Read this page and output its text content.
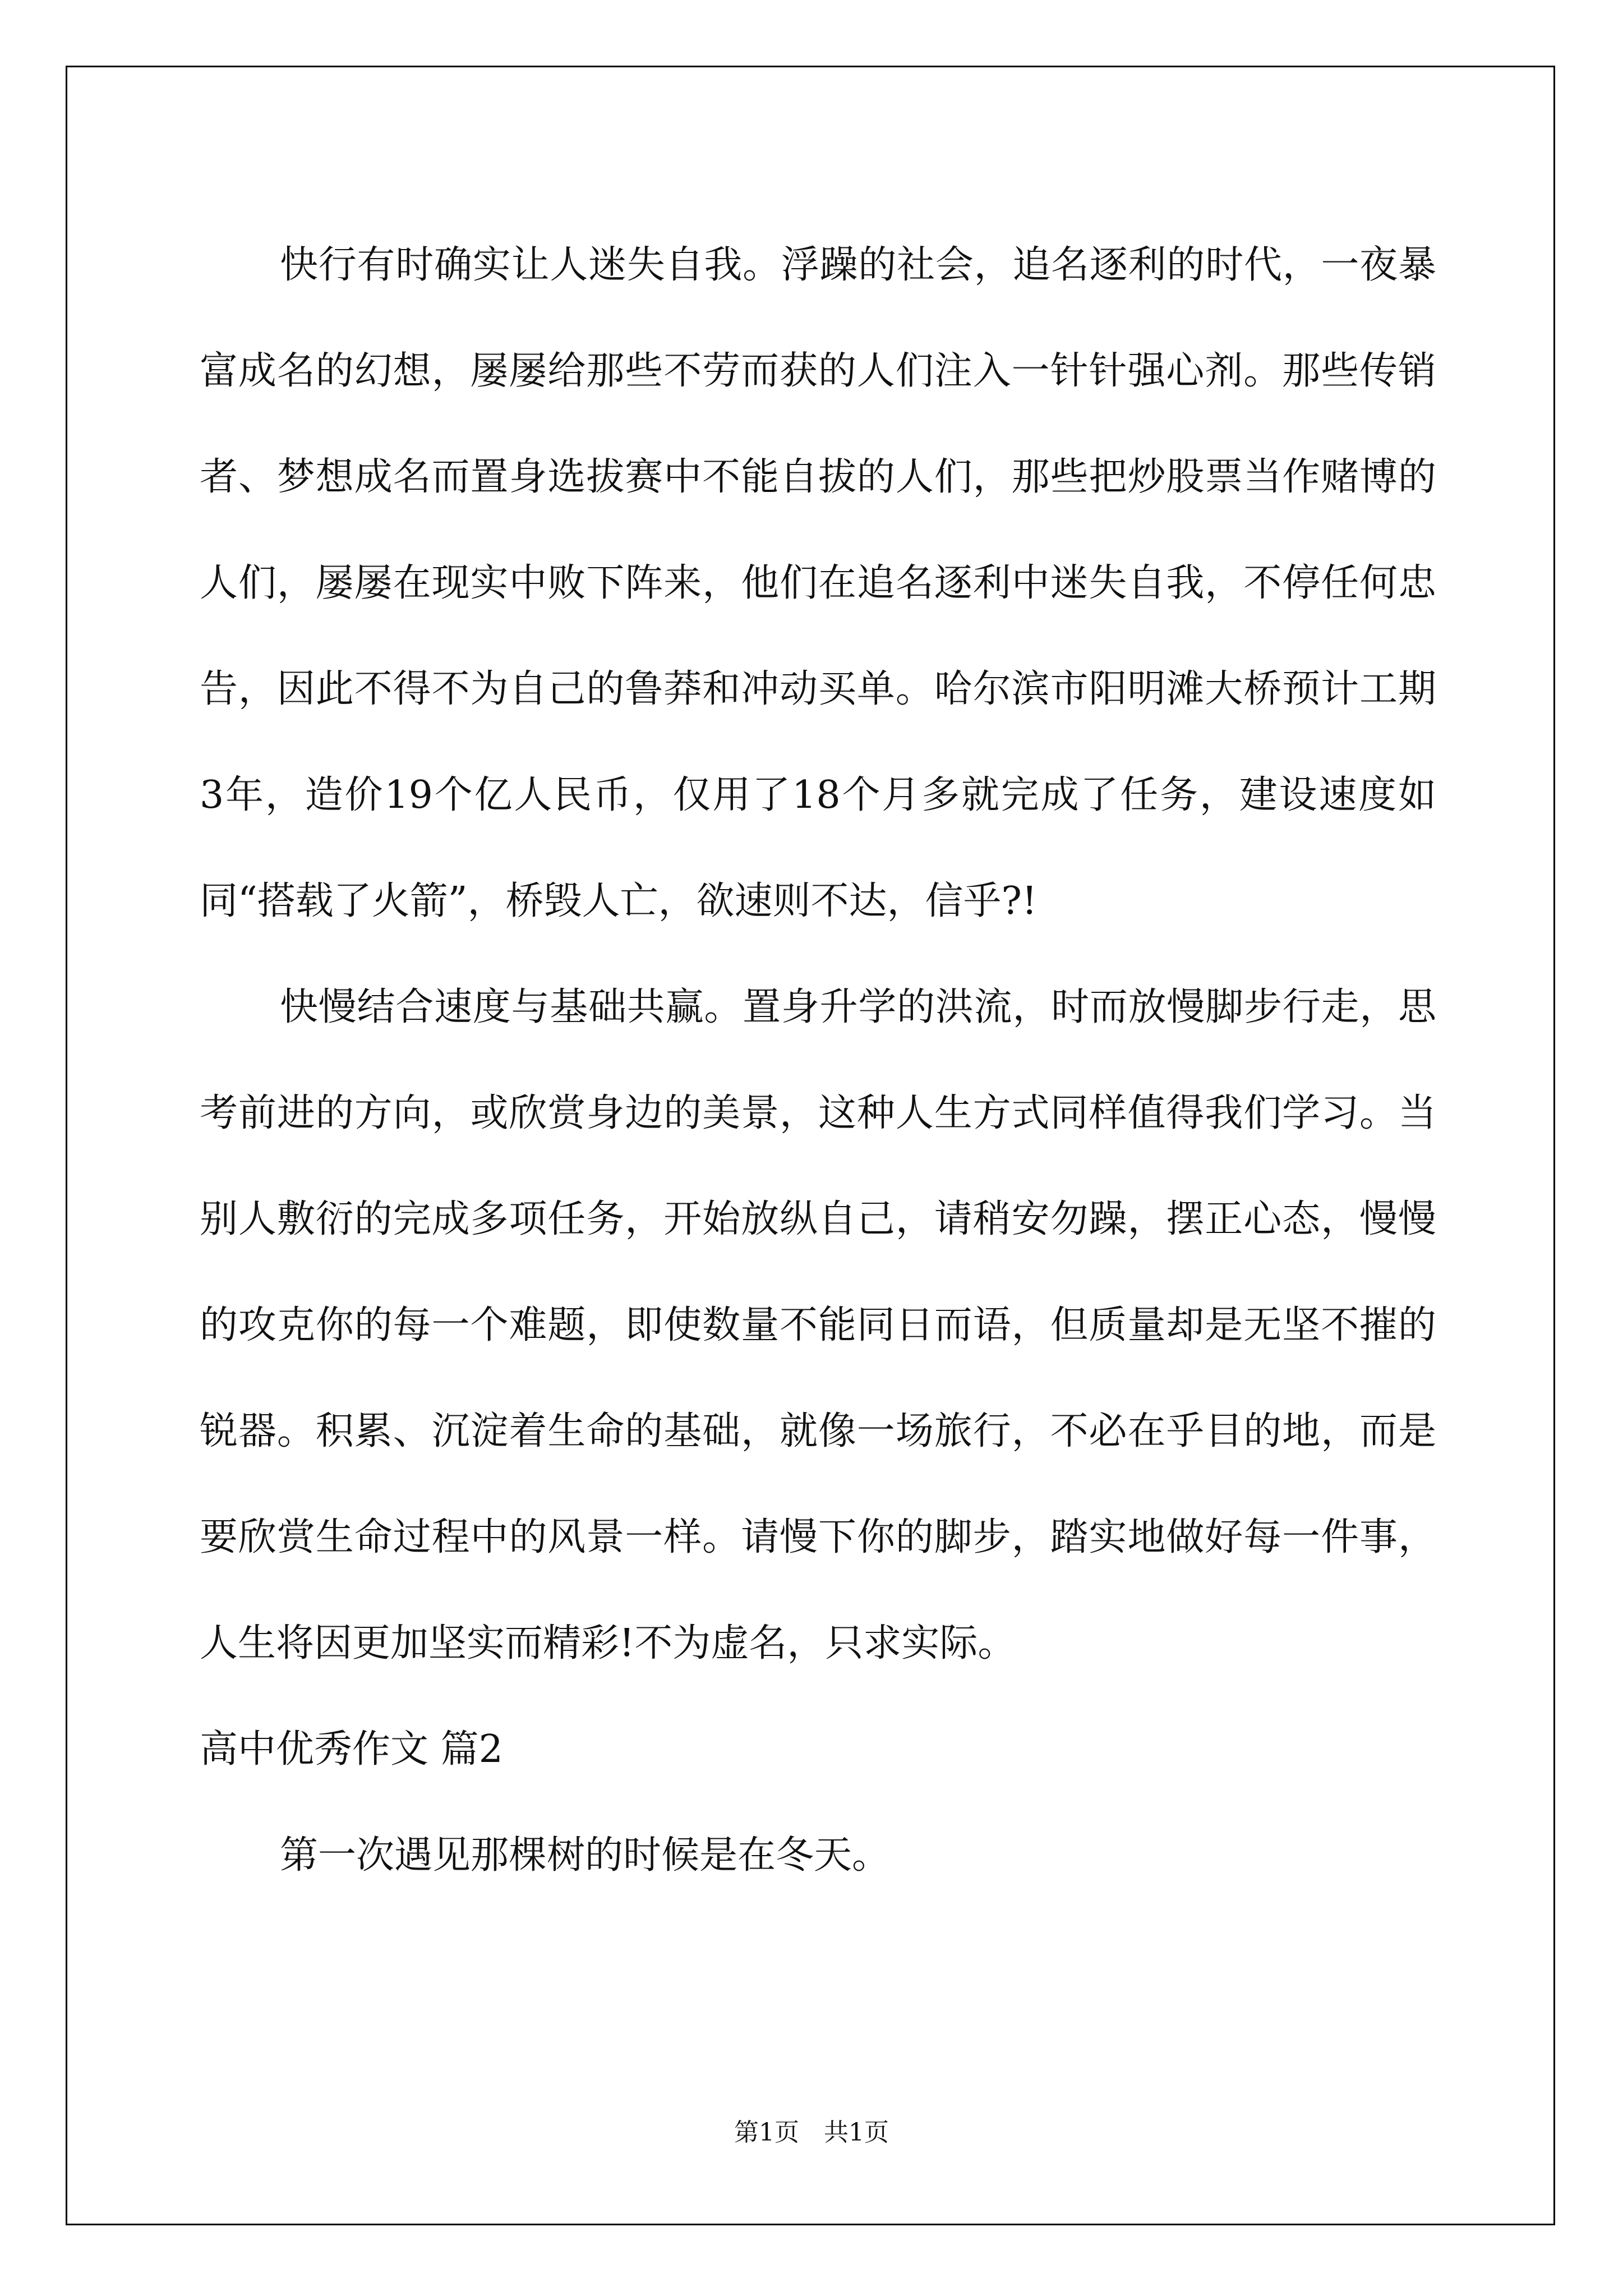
快行有时确实让人迷失自我。浮躁的社会，追名逐利的时代，一夜暴富成名的幻想，屡屡给那些不劳而获的人们注入一针针强心剂。那些传销者、梦想成名而置身选拔赛中不能自拔的人们，那些把炒股票当作赌博的人们，屡屡在现实中败下阵来，他们在追名逐利中迷失自我，不停任何忠告，因此不得不为自己的鲁莽和冲动买单。哈尔滨市阳明滩大桥预计工期3年，造价19个亿人民币，仅用了18个月多就完成了任务，建设速度如同“搭载了火箭”，桥毁人亡，欲速则不达，信乎?!

快慢结合速度与基础共赢。置身升学的洪流，时而放慢脚步行走，思考前进的方向，或欣赏身边的美景，这种人生方式同样值得我们学习。当别人敷衍的完成多项任务，开始放纵自己，请稍安勿躁，摆正心态，慢慢的攻克你的每一个难题，即使数量不能同日而语，但质量却是无坚不摧的锐器。积累、沉淀着生命的基础，就像一场旅行，不必在乎目的地，而是要欣赏生命过程中的风景一样。请慢下你的脚步，踏实地做好每一件事，人生将因更加坚实而精彩!不为虚名，只求实际。

高中优秀作文 篇2

第一次遇见那棵树的时候是在冬天。

第1页　共1页
